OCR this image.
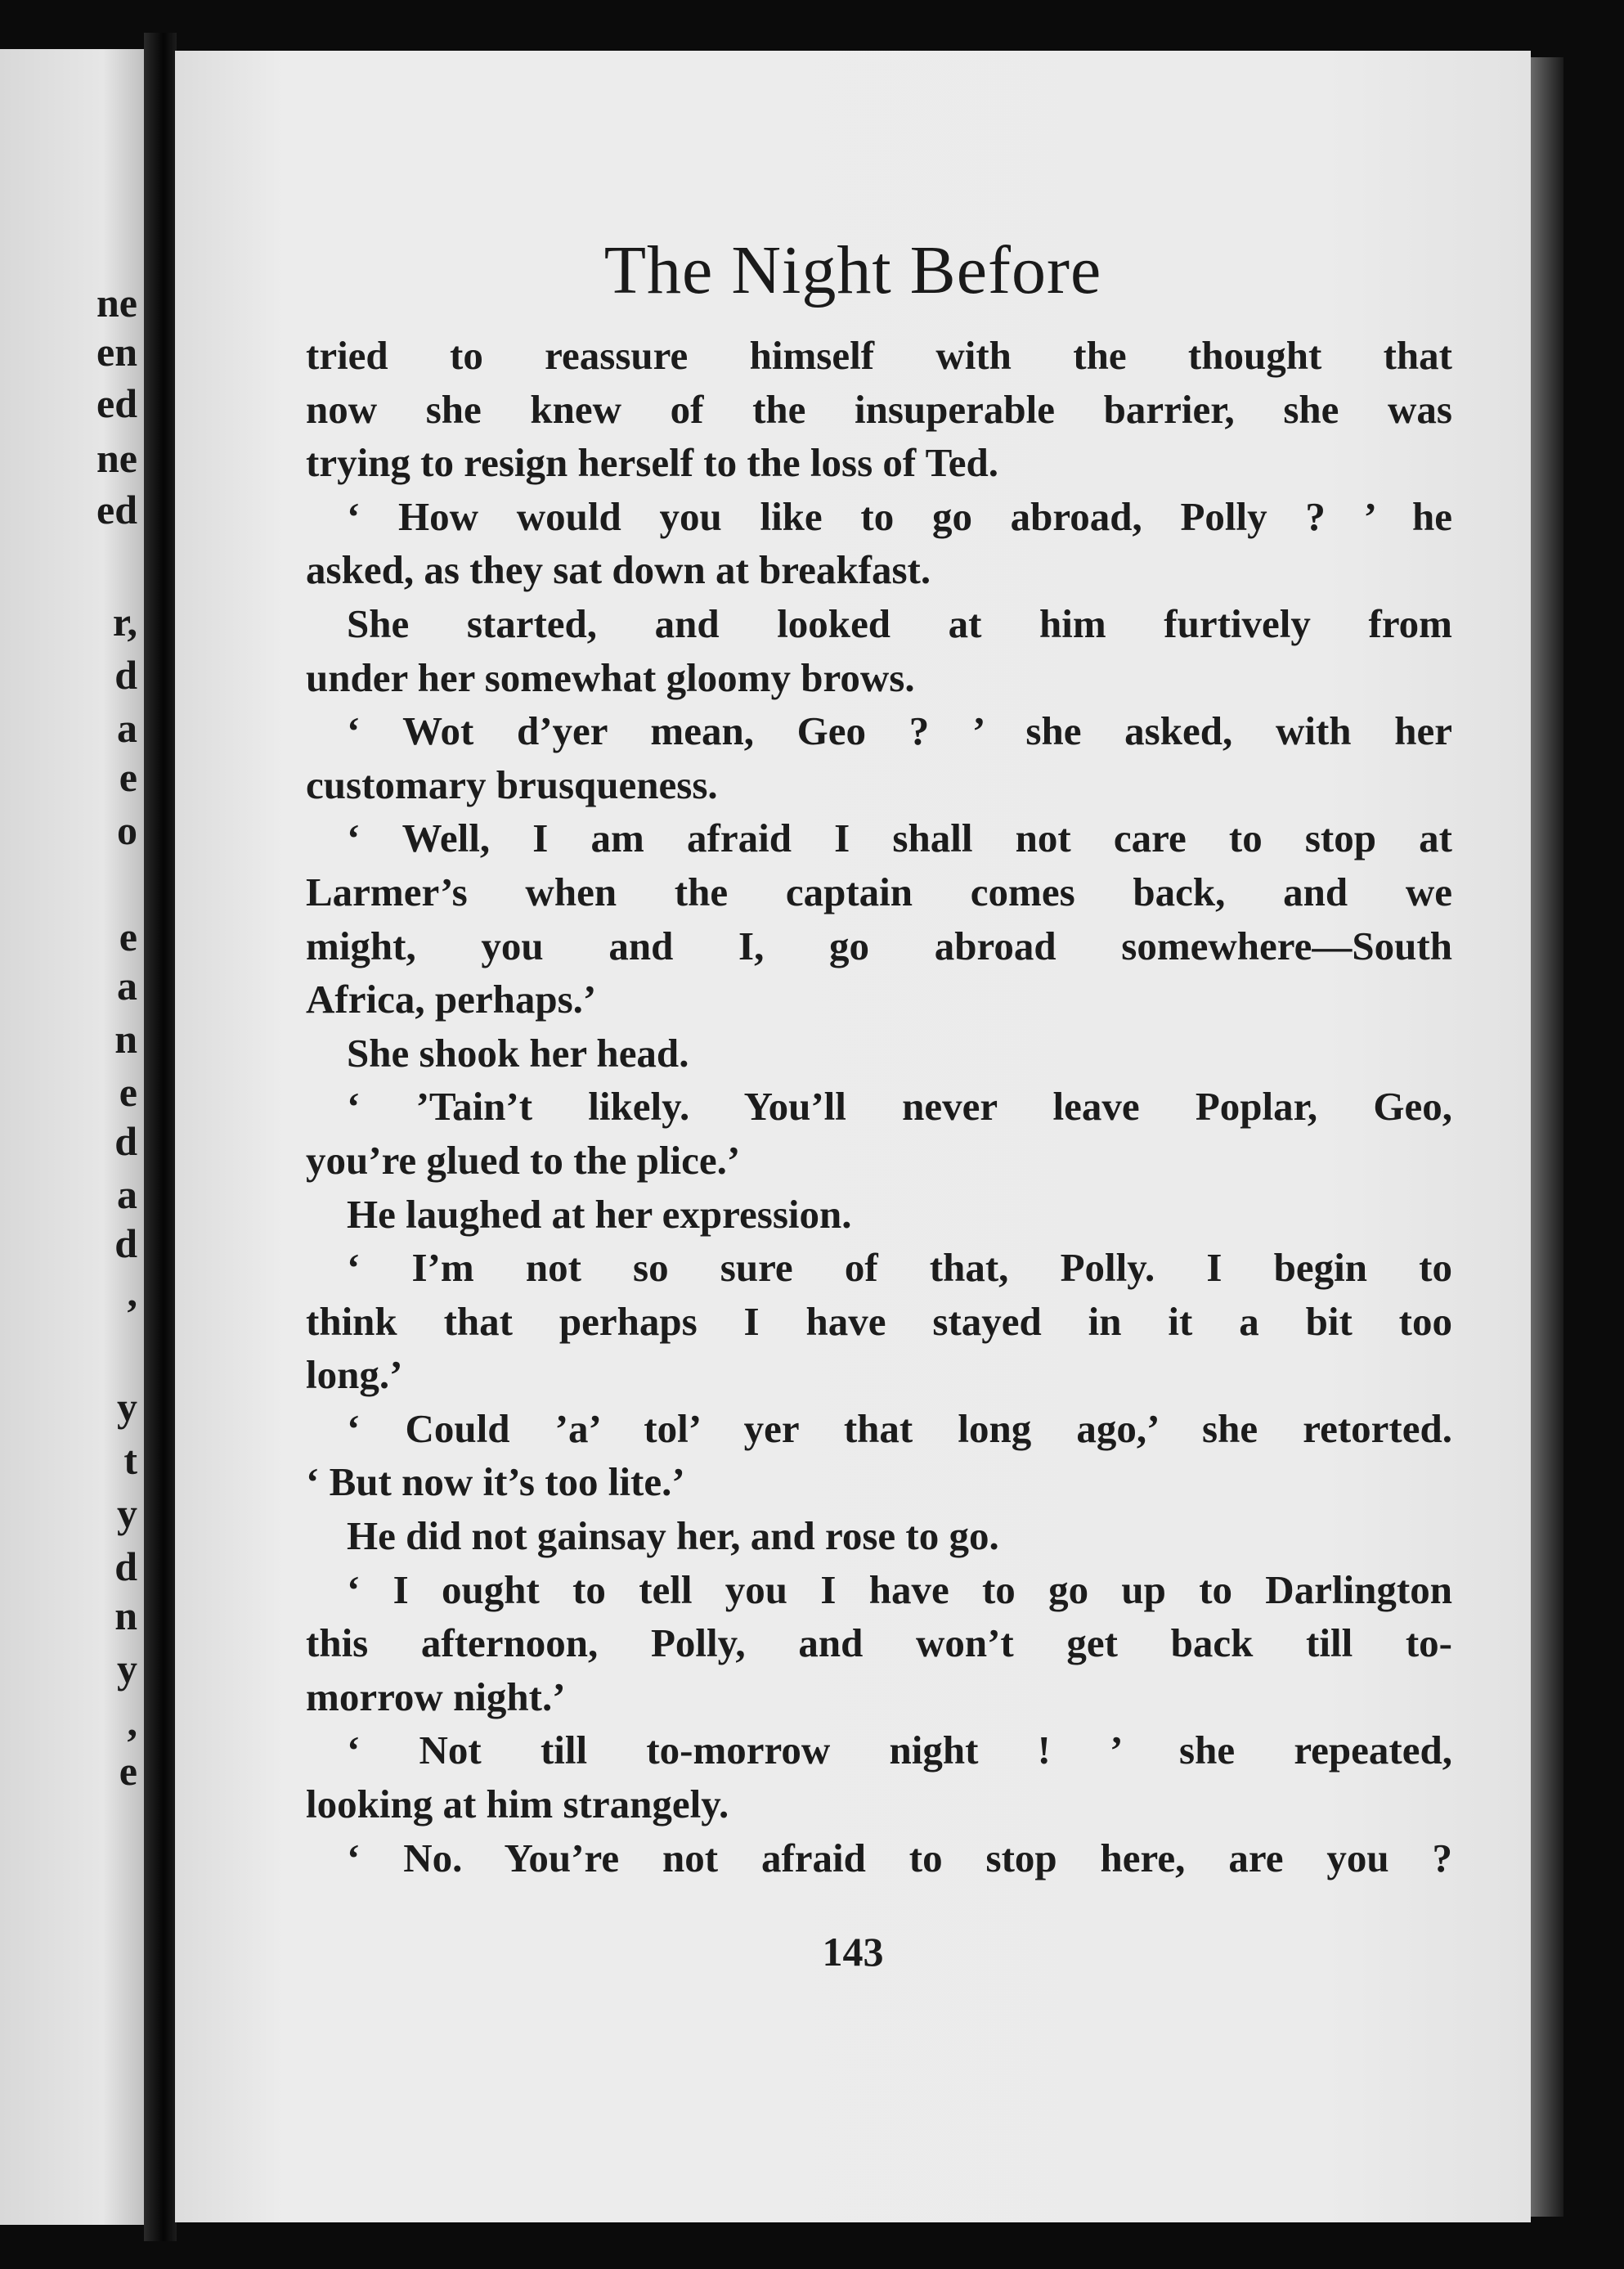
ne
en
ed
ne
ed
r,
d
a
e
o
e
a
n
e
d
a
d
,
y
t
y
d
n
y
,
e
The Night Before
tried to reassure himself with the thought that
now she knew of the insuperable barrier, she was
trying to resign herself to the loss of Ted.
‘ How would you like to go abroad, Polly ? ’ he
asked, as they sat down at breakfast.
She started, and looked at him furtively from
under her somewhat gloomy brows.
‘ Wot d’yer mean, Geo ? ’ she asked, with her
customary brusqueness.
‘ Well, I am afraid I shall not care to stop at
Larmer’s when the captain comes back, and we
might, you and I, go abroad somewhere—South
Africa, perhaps.’
She shook her head.
‘ ’Tain’t likely. You’ll never leave Poplar, Geo,
you’re glued to the plice.’
He laughed at her expression.
‘ I’m not so sure of that, Polly. I begin to
think that perhaps I have stayed in it a bit too
long.’
‘ Could ’a’ tol’ yer that long ago,’ she retorted.
‘ But now it’s too lite.’
He did not gainsay her, and rose to go.
‘ I ought to tell you I have to go up to Darlington
this afternoon, Polly, and won’t get back till to-
morrow night.’
‘ Not till to-morrow night ! ’ she repeated,
looking at him strangely.
‘ No. You’re not afraid to stop here, are you ?
143
